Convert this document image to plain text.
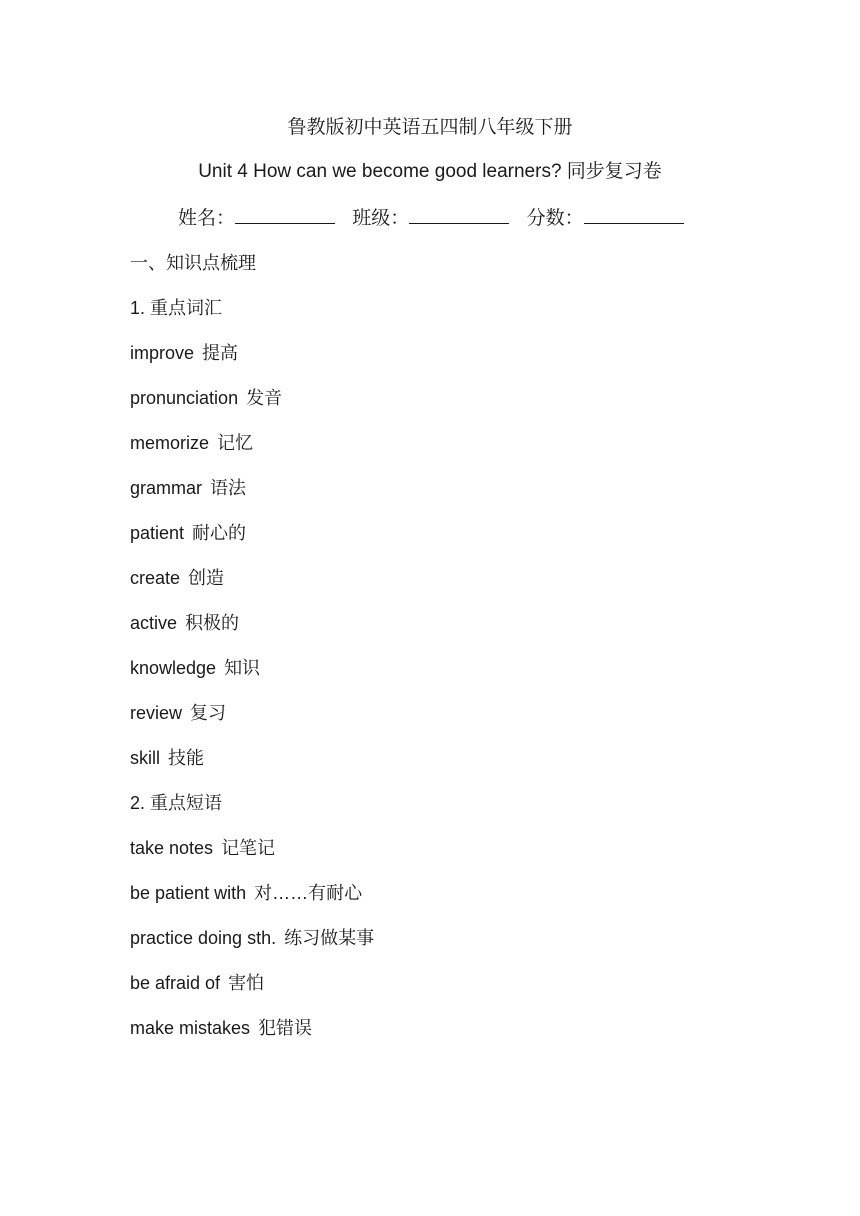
鲁教版初中英语五四制八年级下册
Unit 4 How can we become good learners? 同步复习卷
姓名：	班级：	分数：
一、知识点梳理
1. 重点词汇
improve 提高
pronunciation 发音
memorize 记忆
grammar 语法
patient 耐心的
create 创造
active 积极的
knowledge 知识
review 复习
skill 技能
2. 重点短语
take notes 记笔记
be patient with 对……有耐心
practice doing sth. 练习做某事
be afraid of 害怕
make mistakes 犯错误
